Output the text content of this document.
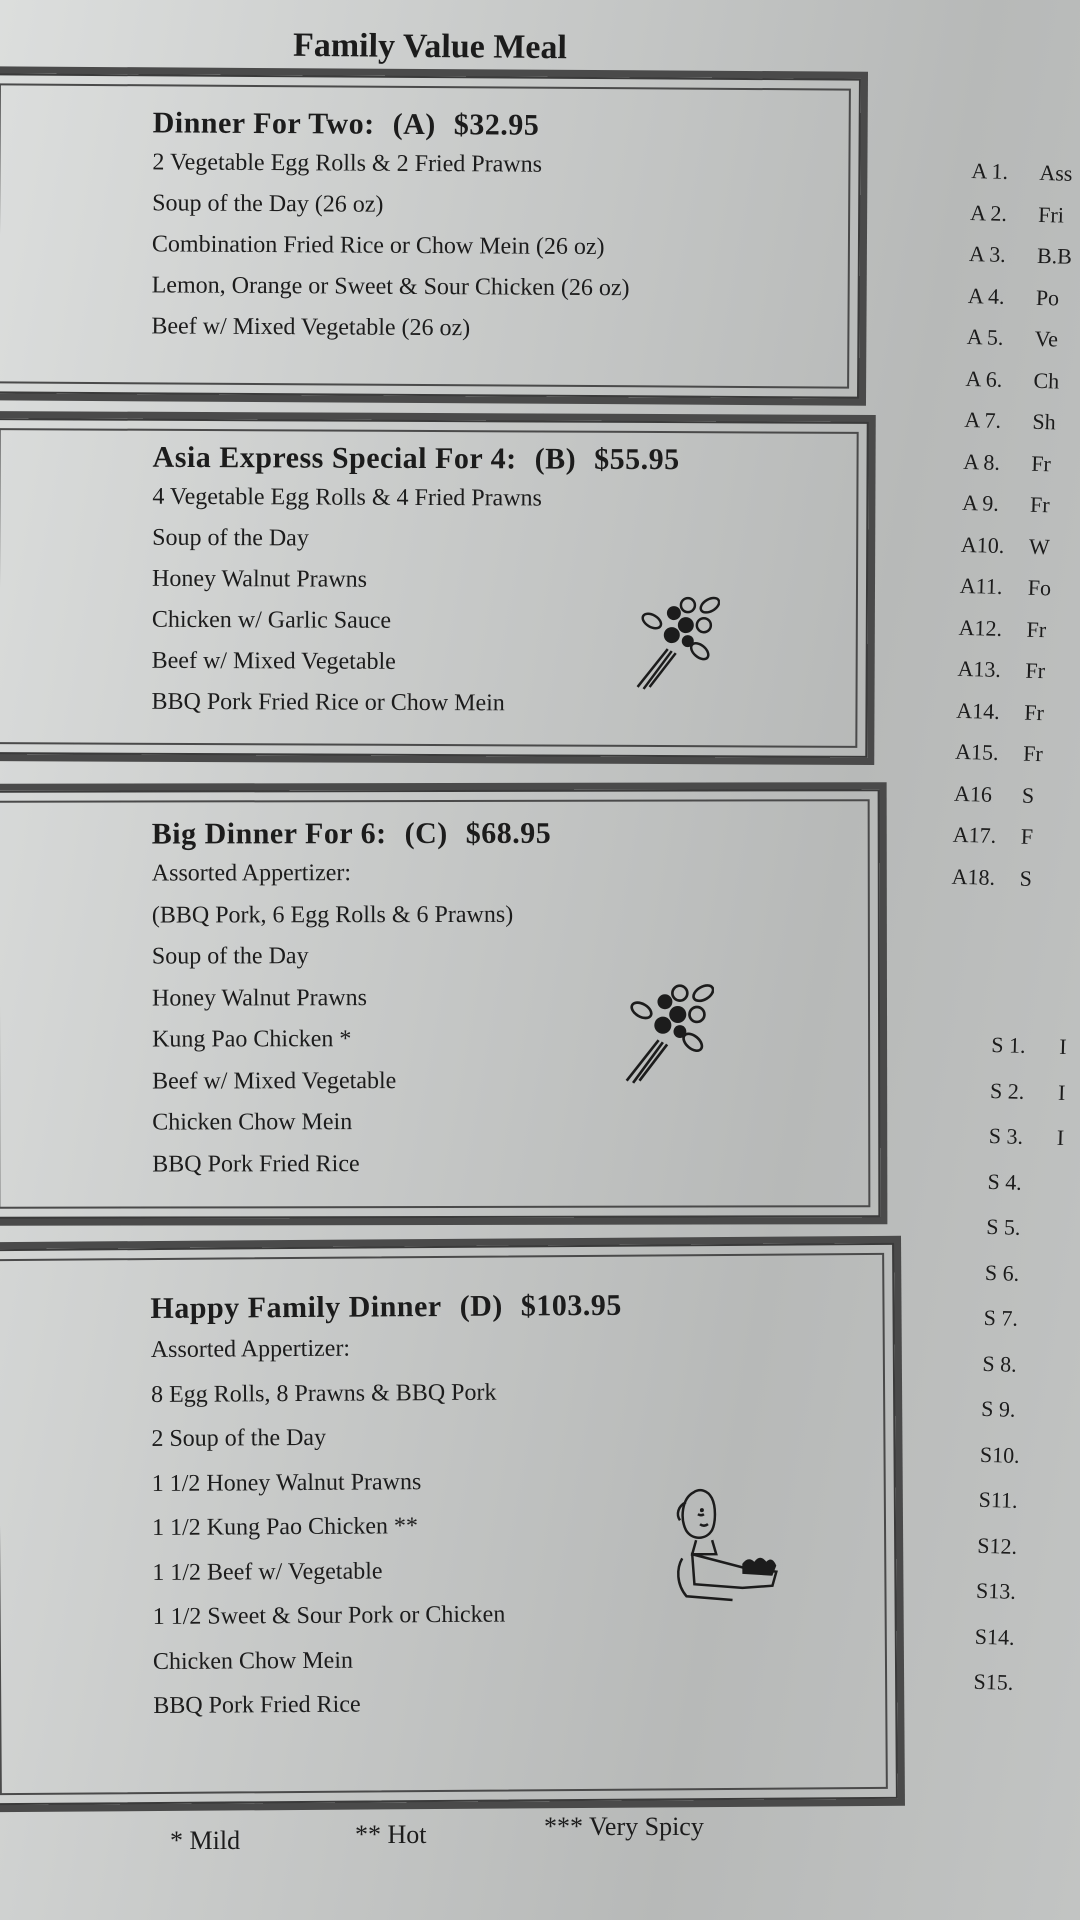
Family Value Meal
Dinner For Two: (A) $32.95
2 Vegetable Egg Rolls & 2 Fried Prawns
Soup of the Day (26 oz)
Combination Fried Rice or Chow Mein (26 oz)
Lemon, Orange or Sweet & Sour Chicken (26 oz)
Beef w/ Mixed Vegetable (26 oz)
Asia Express Special For 4: (B) $55.95
4 Vegetable Egg Rolls & 4 Fried Prawns
Soup of the Day
Honey Walnut Prawns
Chicken w/ Garlic Sauce
Beef w/ Mixed Vegetable
BBQ Pork Fried Rice or Chow Mein
Big Dinner For 6: (C) $68.95
Assorted Appertizer:
(BBQ Pork, 6 Egg Rolls & 6 Prawns)
Soup of the Day
Honey Walnut Prawns
Kung Pao Chicken *
Beef w/ Mixed Vegetable
Chicken Chow Mein
BBQ Pork Fried Rice
Happy Family Dinner (D) $103.95
Assorted Appertizer:
8 Egg Rolls, 8 Prawns & BBQ Pork
2 Soup of the Day
1 1/2 Honey Walnut Prawns
1 1/2 Kung Pao Chicken **
1 1/2 Beef w/ Vegetable
1 1/2 Sweet & Sour Pork or Chicken
Chicken Chow Mein
BBQ Pork Fried Rice
A 1. Ass
A 2. Fri
A 3. B.B
A 4. Po
A 5. Ve
A 6. Ch
A 7. Sh
A 8. Fr
A 9. Fr
A10. W
A11. Fo
A12. Fr
A13. Fr
A14. Fr
A15. Fr
A16 S
A17. F
A18. S
S 1. I
S 2. I
S 3. I
S 4.
S 5.
S 6.
S 7.
S 8.
S 9.
S10.
S11.
S12.
S13.
S14.
S15.
* Mild	** Hot	*** Very Spicy
